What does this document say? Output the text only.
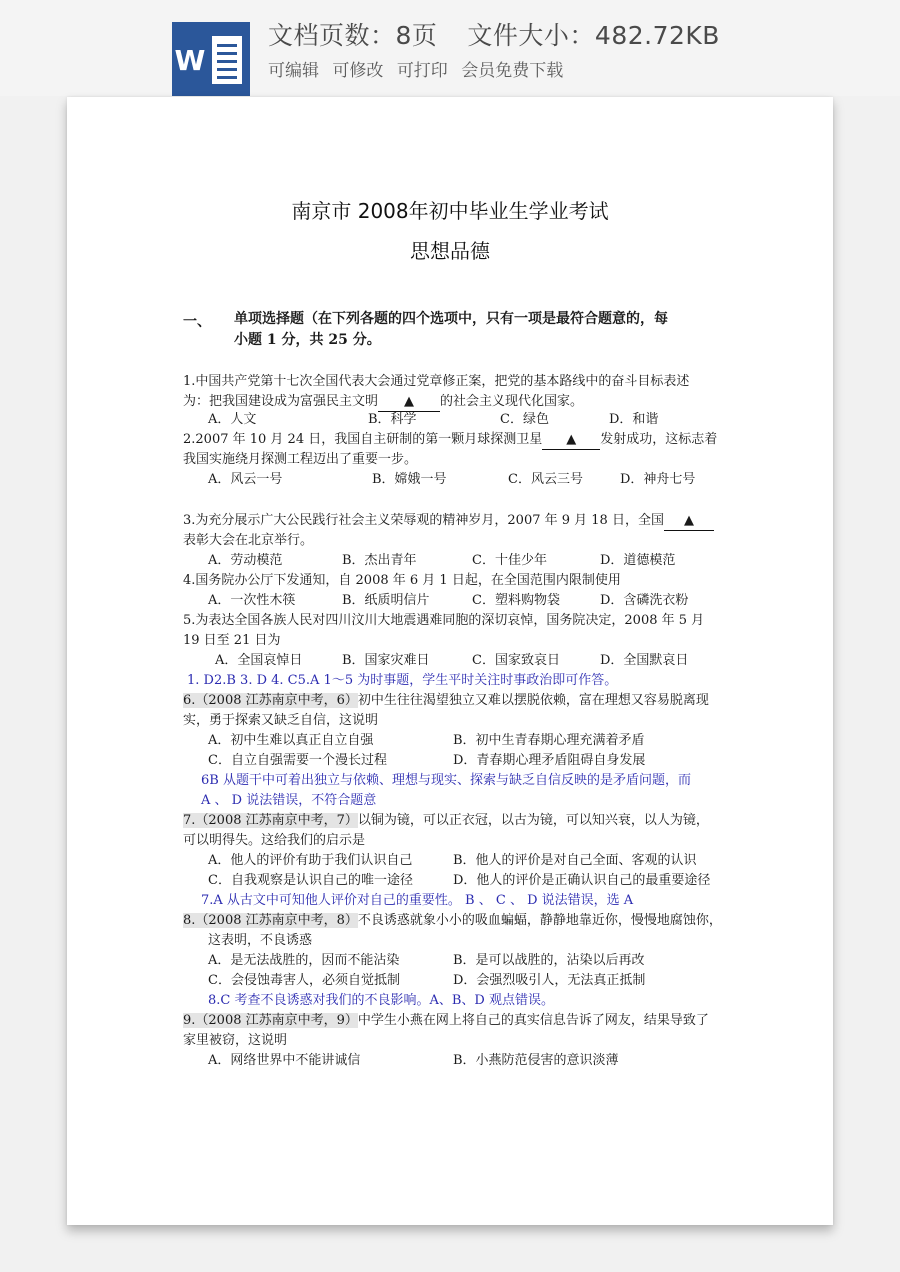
W
文档页数：8页 文件大小：482.72KB
可编辑 可修改 可打印 会员免费下载
南京市 2008年初中毕业生学业考试
思想品德
一、 单项选择题（在下列各题的四个选项中，只有一项是最符合题意的，每
小题 1 分，共 25 分。
1.中国共产党第十七次全国代表大会通过党章修正案，把党的基本路线中的奋斗目标表述
为：把我国建设成为富强民主文明 ▲ 的社会主义现代化国家。
A．人文	B．科学	C．绿色	D．和谐
2.2007 年 10 月 24 日，我国自主研制的第一颗月球探测卫星 ▲ 发射成功，这标志着
我国实施绕月探测工程迈出了重要一步。
A．风云一号	B．嫦娥一号	C．风云三号	D．神舟七号
3.为充分展示广大公民践行社会主义荣辱观的精神岁月，2007 年 9 月 18 日，全国 ▲
表彰大会在北京举行。
A．劳动模范	B．杰出青年	C．十佳少年	D．道德模范
4.国务院办公厅下发通知，自 2008 年 6 月 1 日起，在全国范围内限制使用
A．一次性木筷	B．纸质明信片	C．塑料购物袋	D．含磷洗衣粉
5.为表达全国各族人民对四川汶川大地震遇难同胞的深切哀悼，国务院决定，2008 年 5 月
19 日至 21 日为
A．全国哀悼日	B．国家灾难日	C．国家致哀日	D．全国默哀日
1. D2.B 3. D 4. C5.A 1～5 为时事题，学生平时关注时事政治即可作答。
6.（2008 江苏南京中考，6）初中生往往渴望独立又难以摆脱依赖，富在理想又容易脱离现
实，勇于探索又缺乏自信，这说明
A．初中生难以真正自立自强	B．初中生青春期心理充满着矛盾
C．自立自强需要一个漫长过程	D．青春期心理矛盾阻碍自身发展
6B 从题干中可着出独立与依赖、理想与现实、探索与缺乏自信反映的是矛盾问题，而
A 、 D 说法错误，不符合题意
7.（2008 江苏南京中考，7）以铜为镜，可以正衣冠，以古为镜，可以知兴衰，以人为镜，
可以明得失。这给我们的启示是
A．他人的评价有助于我们认识自己	B．他人的评价是对自己全面、客观的认识
C．自我观察是认识自己的唯一途径	D．他人的评价是正确认识自己的最重要途径
7.A 从古文中可知他人评价对自己的重要性。 B 、 C 、 D 说法错误，选 A
8.（2008 江苏南京中考，8）不良诱惑就象小小的吸血蝙蝠，静静地靠近你，慢慢地腐蚀你，
这表明，不良诱惑
A．是无法战胜的，因而不能沾染	B．是可以战胜的，沾染以后再改
C．会侵蚀毒害人，必须自觉抵制	D．会强烈吸引人，无法真正抵制
8.C 考查不良诱惑对我们的不良影响。A、B、D 观点错误。
9.（2008 江苏南京中考，9）中学生小燕在网上将自己的真实信息告诉了网友，结果导致了
家里被窃，这说明
A．网络世界中不能讲诚信	B．小燕防范侵害的意识淡薄
